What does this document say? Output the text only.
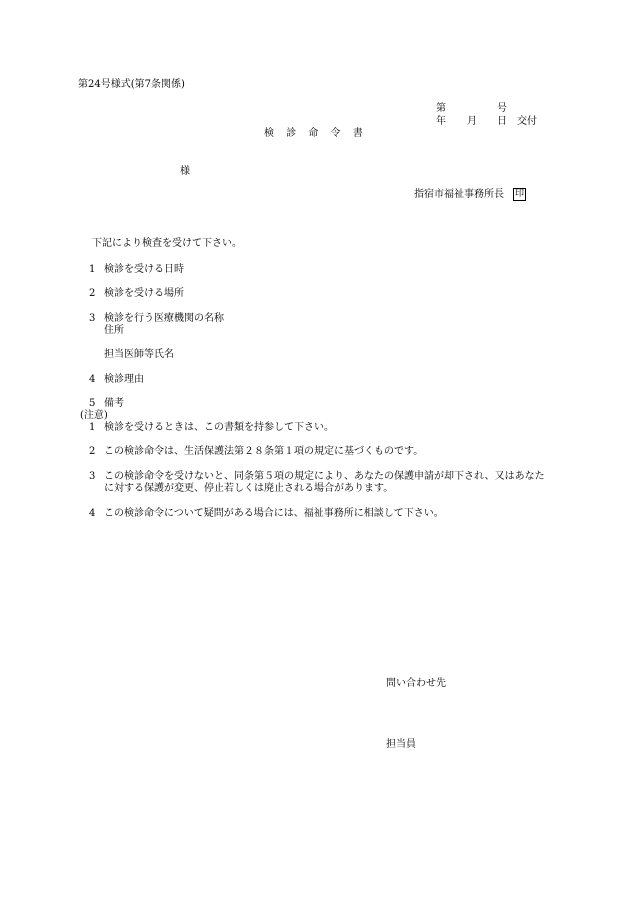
第24号様式(第7条関係)
第	号
年 月 日 交付
検 診 命 令 書
様
指宿市福祉事務所長 印
下記により検査を受けて下さい。
1 検診を受ける日時
2 検診を受ける場所
3 検診を行う医療機関の名称
住所
担当医師等氏名
4 検診理由
5 備考
(注意)
1 検診を受けるときは、この書類を持参して下さい。
2 この検診命令は、生活保護法第２８条第１項の規定に基づくものです。
3 この検診命令を受けないと、同条第５項の規定により、あなたの保護申請が却下され、又はあなた
に対する保護が変更、停止若しくは廃止される場合があります。
4 この検診命令について疑問がある場合には、福祉事務所に相談して下さい。
問い合わせ先
担当員
